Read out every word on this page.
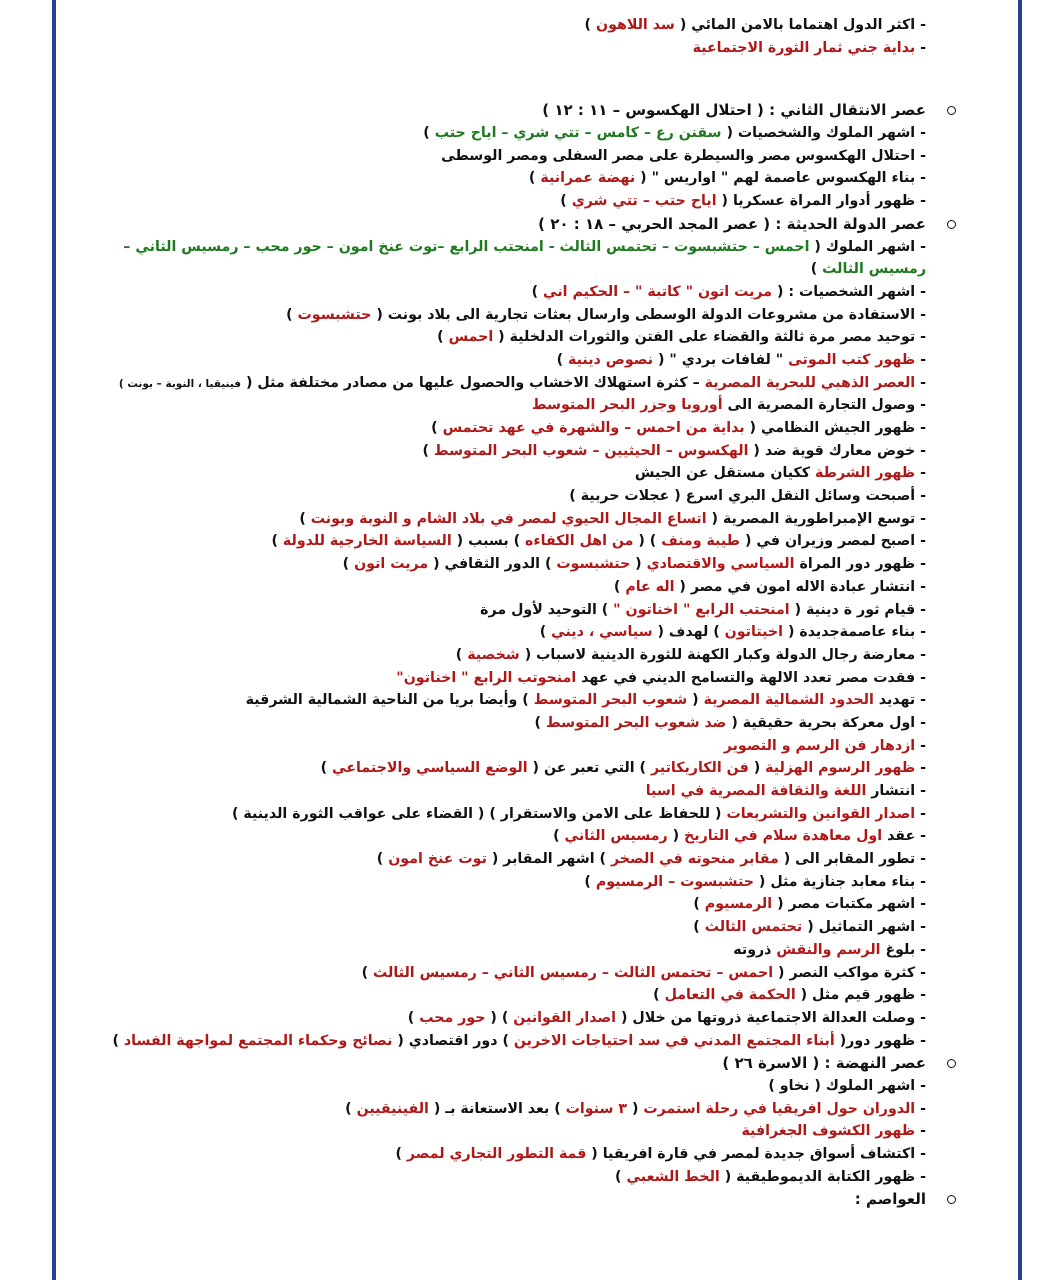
- اكثر الدول اهتماما بالامن المائي ( سد اللاهون )
- بداية جني ثمار الثورة الاجتماعية
عصر الانتقال الثاني : ( احتلال الهكسوس – ١١ : ١٢ )
- اشهر الملوك والشخصيات ( سقنن رع – كامس – تتي شري – اياح حتب )
- احتلال الهكسوس مصر والسيطرة على مصر السفلى ومصر الوسطى
- بناء الهكسوس عاصمة لهم " اواريس " ( نهضة عمرانية )
- ظهور أدوار المراة عسكريا ( اياح حتب – تتي شري )
عصر الدولة الحديثة : ( عصر المجد الحربي – ١٨ : ٢٠ )
- اشهر الملوك ( احمس – حتشبسوت – تحتمس الثالث - امنحتب الرابع –توت عنخ امون – حور محب – رمسيس الثاني –
رمسيس الثالث )
- اشهر الشخصيات : ( مريت اتون " كاتبة " – الحكيم اني )
- الاستفادة من مشروعات الدولة الوسطى وارسال بعثات تجارية الى بلاد بونت ( حتشبسوت )
- توحيد مصر مرة ثالثة والقضاء على الفتن والثورات الدلخلية ( احمس )
- ظهور كتب الموتى " لفافات بردي " ( نصوص دينية )
- العصر الذهبي للبحرية المصرية – كثرة استهلاك الاخشاب والحصول عليها من مصادر مختلفة مثل ( فينيقيا ، النوبة – بونت )
- وصول التجارة المصرية الى أوروبا وجزر البحر المتوسط
- ظهور الجيش النظامي ( بداية من احمس – والشهرة في عهد تحتمس )
- خوض معارك قوية ضد ( الهكسوس – الحيثيين – شعوب البحر المتوسط )
- ظهور الشرطة ككيان مستقل عن الجيش
- أصبحت وسائل النقل البري اسرع ( عجلات حربية )
- توسع الإمبراطورية المصرية ( اتساع المجال الحيوي لمصر في بلاد الشام و النوبة وبونت )
- اصبح لمصر وزيران في ( طيبة ومنف ) ( من اهل الكفاءه ) بسبب ( السياسة الخارجية للدولة )
- ظهور دور المراة السياسي والاقتصادي ( حتشبسوت ) الدور الثقافي ( مريت اتون )
- انتشار عبادة الاله امون في مصر ( اله عام )
- قيام ثور ة دينية ( امنحتب الرابع " اخناتون " ) التوحيد لأول مرة
- بناء عاصمةجديدة ( اخيتاتون ) لهدف ( سياسي ، ديني )
- معارضة رجال الدولة وكبار الكهنة للثورة الدينية لاسباب ( شخصية )
- فقدت مصر تعدد الالهة والتسامح الديني في عهد امنحوتب الرابع " اخناتون"
- تهديد الحدود الشمالية المصرية ( شعوب البحر المتوسط ) وأيضا بريا من الناحية الشمالية الشرقية
- اول معركة بحرية حقيقية ( ضد شعوب البحر المتوسط )
- ازدهار فن الرسم و التصوير
- ظهور الرسوم الهزلية ( فن الكاريكاتير ) التي تعبر عن ( الوضع السياسي والاجتماعي )
- انتشار اللغة والثقافة المصرية في اسيا
- اصدار القوانين والتشريعات ( للحفاظ على الامن والاستقرار ) ( القضاء على عواقب الثورة الدينية )
- عقد اول معاهدة سلام في التاريخ ( رمسيس الثاني )
- تطور المقابر الى ( مقابر منحوته في الصخر ) اشهر المقابر ( توت عنخ امون )
- بناء معابد جنازية مثل ( حتشبسوت – الرمسيوم )
- اشهر مكتبات مصر ( الرمسيوم )
- اشهر التماثيل ( تحتمس الثالث )
- بلوغ الرسم والنقش ذروته
- كثرة مواكب النصر ( احمس – تحتمس الثالث – رمسيس الثاني – رمسيس الثالث )
- ظهور قيم مثل ( الحكمة في التعامل )
- وصلت العدالة الاجتماعية ذروتها من خلال ( اصدار القوانين ) ( حور محب )
- ظهور دور( أبناء المجتمع المدني في سد احتياجات الاخرين ) دور اقتصادي ( نصائح وحكماء المجتمع لمواجهة الفساد )
عصر النهضة : ( الاسرة ٢٦ )
- اشهر الملوك ( نخاو )
- الدوران حول افريقيا في رحلة استمرت ( ٣ سنوات ) بعد الاستعانة بـ ( الفينيقيين )
- ظهور الكشوف الجغرافية
- اكتشاف أسواق جديدة لمصر في قارة افريقيا ( قمة التطور التجاري لمصر )
- ظهور الكتابة الديموطيقية ( الخط الشعبي )
العواصم :
